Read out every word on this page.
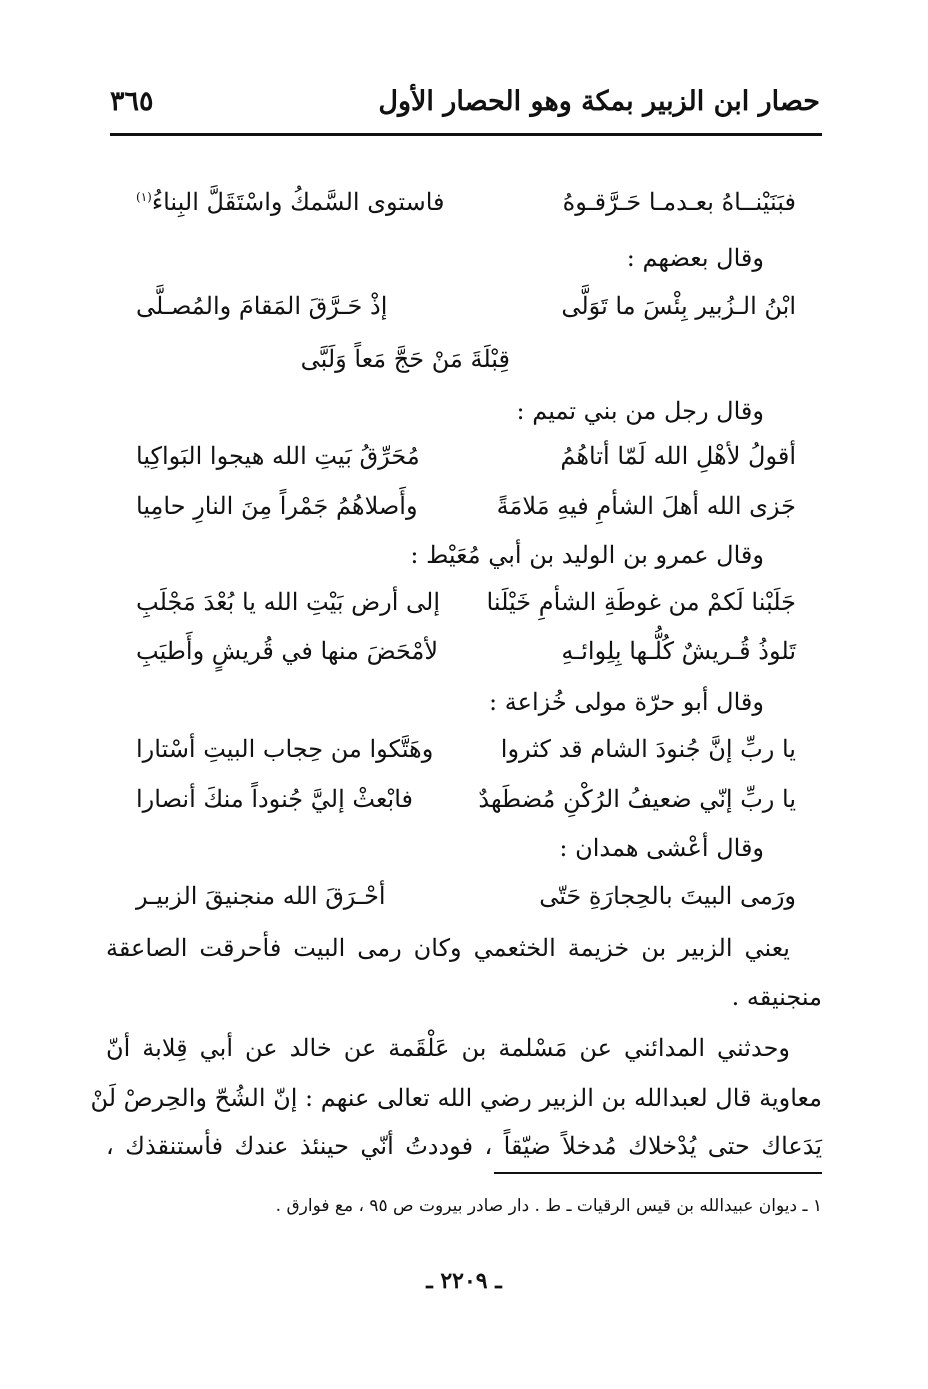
حصار ابن الزبير بمكة وهو الحصار الأول
٣٦٥
فبَنَيْنــاهُ بعـدمـا حَـرَّقـوهُ
فاستوى السَّمكُ واسْتَقَلَّ البِناءُ$^{(١)}$
وقال بعضهم :
ابْنُ الـزُبير بِئْسَ ما تَوَلَّى
إذْ حَـرَّقَ المَقامَ والمُصـلَّى
قِبْلَةَ مَنْ حَجَّ مَعاً وَلَبَّى
وقال رجل من بني تميم :
أقولُ لأهْلِ الله لَمّا أتاهُمُ
مُحَرِّقُ بَيتِ الله هيجوا البَواكِيا
جَزى الله أهلَ الشأمِ فيهِ مَلامَةً
وأَصلاهُمُ جَمْراً مِنَ النارِ حامِيا
وقال عمرو بن الوليد بن أبي مُعَيْط :
جَلَبْنا لَكمْ من غوطَةِ الشأمِ خَيْلَنا
إلى أرض بَيْتِ الله يا بُعْدَ مَجْلَبِ
تَلوذُ قُـريشٌ كُلُّـها بِلِوائـهِ
لأمْحَضَ منها في قُريشٍ وأَطيَبِ
وقال أبو حرّة مولى خُزاعة :
يا ربِّ إنَّ جُنودَ الشام قد كثروا
وهَتَّكوا من حِجاب البيتِ أسْتارا
يا ربِّ إنّي ضعيفُ الرُكْنِ مُضطَهدٌ
فابْعثْ إليَّ جُنوداً منكَ أنصارا
وقال أعْشى همدان :
ورَمى البيتَ بالحِجارَةِ حَتّى
أحْـرَقَ الله منجنيقَ الزبيـر
يعني الزبير بن خزيمة الخثعمي وكان رمى البيت فأحرقت الصاعقة
منجنيقه .
وحدثني المدائني عن مَسْلمة بن عَلْقَمة عن خالد عن أبي قِلابة أنّ
معاوية قال لعبدالله بن الزبير رضي الله تعالى عنهم : إنّ الشُحّ والحِرصْ لَنْ
يَدَعاك حتى يُدْخلاك مُدخلاً ضيّقاً ، فوددتُ أنّي حينئذ عندك فأستنقذك ،
١ ـ ديوان عبيدالله بن قيس الرقيات ـ ط . دار صادر بيروت ص ٩٥ ، مع فوارق .
ـ ٢٢٠٩ ـ
